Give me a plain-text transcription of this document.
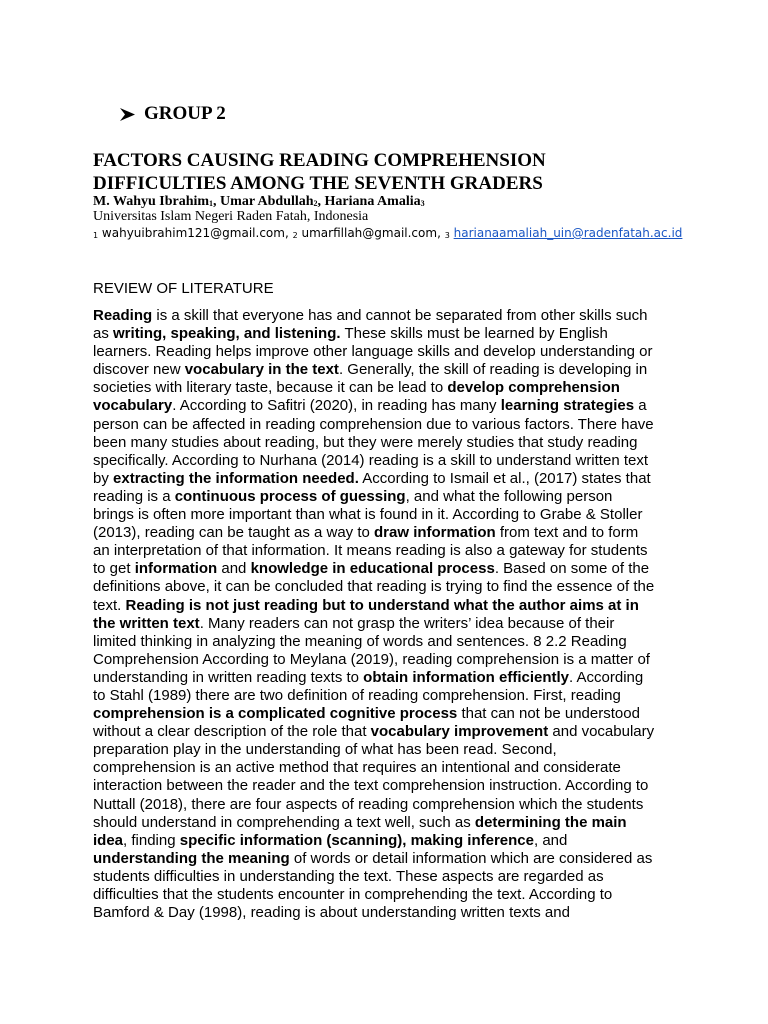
GROUP 2
FACTORS CAUSING READING COMPREHENSION
DIFFICULTIES AMONG THE SEVENTH GRADERS
M. Wahyu Ibrahim$_1$, Umar Abdullah$_2$, Hariana Amalia$_3$
Universitas Islam Negeri Raden Fatah, Indonesia
$_1$ wahyuibrahim121@gmail.com, $_2$ umarfillah@gmail.com, $_3$ harianaamaliah_uin@radenfatah.ac.id
REVIEW OF LITERATURE
Reading is a skill that everyone has and cannot be separated from other skills such
as writing, speaking, and listening. These skills must be learned by English
learners. Reading helps improve other language skills and develop understanding or
discover new vocabulary in the text. Generally, the skill of reading is developing in
societies with literary taste, because it can be lead to develop comprehension
vocabulary. According to Safitri (2020), in reading has many learning strategies a
person can be affected in reading comprehension due to various factors. There have
been many studies about reading, but they were merely studies that study reading
specifically. According to Nurhana (2014) reading is a skill to understand written text
by extracting the information needed. According to Ismail et al., (2017) states that
reading is a continuous process of guessing, and what the following person
brings is often more important than what is found in it. According to Grabe & Stoller
(2013), reading can be taught as a way to draw information from text and to form
an interpretation of that information. It means reading is also a gateway for students
to get information and knowledge in educational process. Based on some of the
definitions above, it can be concluded that reading is trying to find the essence of the
text. Reading is not just reading but to understand what the author aims at in
the written text. Many readers can not grasp the writers’ idea because of their
limited thinking in analyzing the meaning of words and sentences. 8 2.2 Reading
Comprehension According to Meylana (2019), reading comprehension is a matter of
understanding in written reading texts to obtain information efficiently. According
to Stahl (1989) there are two definition of reading comprehension. First, reading
comprehension is a complicated cognitive process that can not be understood
without a clear description of the role that vocabulary improvement and vocabulary
preparation play in the understanding of what has been read. Second,
comprehension is an active method that requires an intentional and considerate
interaction between the reader and the text comprehension instruction. According to
Nuttall (2018), there are four aspects of reading comprehension which the students
should understand in comprehending a text well, such as determining the main
idea, finding specific information (scanning), making inference, and
understanding the meaning of words or detail information which are considered as
students difficulties in understanding the text. These aspects are regarded as
difficulties that the students encounter in comprehending the text. According to
Bamford & Day (1998), reading is about understanding written texts and
